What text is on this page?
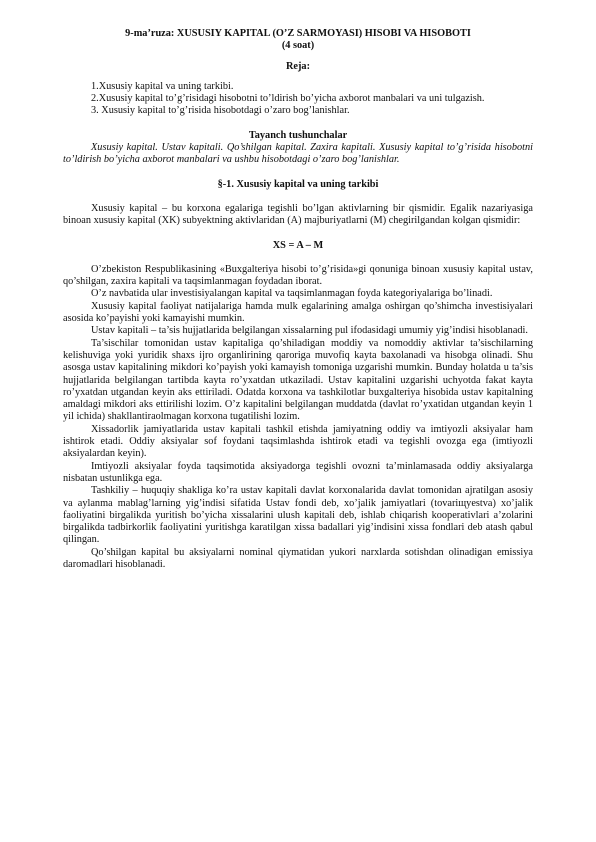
9-ma’ruza: XUSUSIY KAPITAL (O’Z SARMOYASI) HISOBI VA HISOBOTI
(4 soat)
Reja:
1.Xususiy kapital va uning tarkibi.
2.Xususiy kapital to’g’risidagi hisobotni to’ldirish bo’yicha axborot manbalari va uni tulgazish.
3. Xususiy kapital to’g’risida hisobotdagi o’zaro bog’lanishlar.
Tayanch tushunchalar

Xususiy kapital. Ustav kapitali. Qo’shilgan kapital. Zaxira kapitali. Xususiy kapital to’g’risida hisobotni to’ldirish bo’yicha axborot manbalari va ushbu hisobotdagi o’zaro bog’lanishlar.

§-1. Xususiy kapital va uning tarkibi

Xususiy kapital – bu korxona egalariga tegishli bo’lgan aktivlarning bir qismidir. Egalik nazariyasiga binoan xususiy kapital (XK) subyektning aktivlaridan (A) majburiyatlarni (M) chegirilgandan kolgan qismidir:

XS = A – M

O’zbekiston Respublikasining «Buxgalteriya hisobi to’g’risida»gi qonuniga binoan xususiy kapital ustav, qo’shilgan, zaxira kapitali va taqsimlanmagan foydadan iborat.

O’z navbatida ular investisiyalangan kapital va taqsimlanmagan foyda kategoriyalariga bo’linadi.

Xususiy kapital faoliyat natijalariga hamda mulk egalarining amalga oshirgan qo’shimcha investisiyalari asosida ko’payishi yoki kamayishi mumkin.

Ustav kapitali – ta’sis hujjatlarida belgilangan xissalarning pul ifodasidagi umumiy yig’indisi hisoblanadi.

Ta’sischilar tomonidan ustav kapitaliga qo’shiladigan moddiy va nomoddiy aktivlar ta’sischilarning kelishuviga yoki yuridik shaxs ijro organlirining qaroriga muvofiq kayta baxolanadi va hisobga olinadi. Shu asosga ustav kapitalining mikdori ko’payish yoki kamayish tomoniga uzgarishi mumkin. Bunday holatda u ta’sis hujjatlarida belgilangan tartibda kayta ro’yxatdan utkaziladi. Ustav kapitalini uzgarishi uchyotda fakat kayta ro’yxatdan utgandan keyin aks ettiriladi. Odatda korxona va tashkilotlar buxgalteriya hisobida ustav kapitalning amaldagi mikdori aks ettirilishi lozim. O’z kapitalini belgilangan muddatda (davlat ro’yxatidan utgandan keyin 1 yil ichida) shakllantiraolmagan korxona tugatilishi lozim.

Xissadorlik jamiyatlarida ustav kapitali tashkil etishda jamiyatning oddiy va imtiyozli aksiyalar ham ishtirok etadi. Oddiy aksiyalar sof foydani taqsimlashda ishtirok etadi va tegishli ovozga ega (imtiyozli aksiyalardan keyin).

Imtiyozli aksiyalar foyda taqsimotida aksiyadorga tegishli ovozni ta’minlamasada oddiy aksiyalarga nisbatan ustunlikga ega.

Tashkiliy – huquqiy shakliga ko’ra ustav kapitali davlat korxonalarida davlat tomonidan ajratilgan asosiy va aylanma mablag’larning yig’indisi sifatida Ustav fondi deb, xo’jalik jamiyatlari (tovariщyestva) xo’jalik faoliyatini birgalikda yuritish bo’yicha xissalarini ulush kapitali deb, ishlab chiqarish kooperativlari a’zolarini birgalikda tadbirkorlik faoliyatini yuritishga karatilgan xissa badallari yig’indisini xissa fondlari deb atash qabul qilingan.

Qo’shilgan kapital bu aksiyalarni nominal qiymatidan yukori narxlarda sotishdan olinadigan emissiya daromadlari hisoblanadi.
